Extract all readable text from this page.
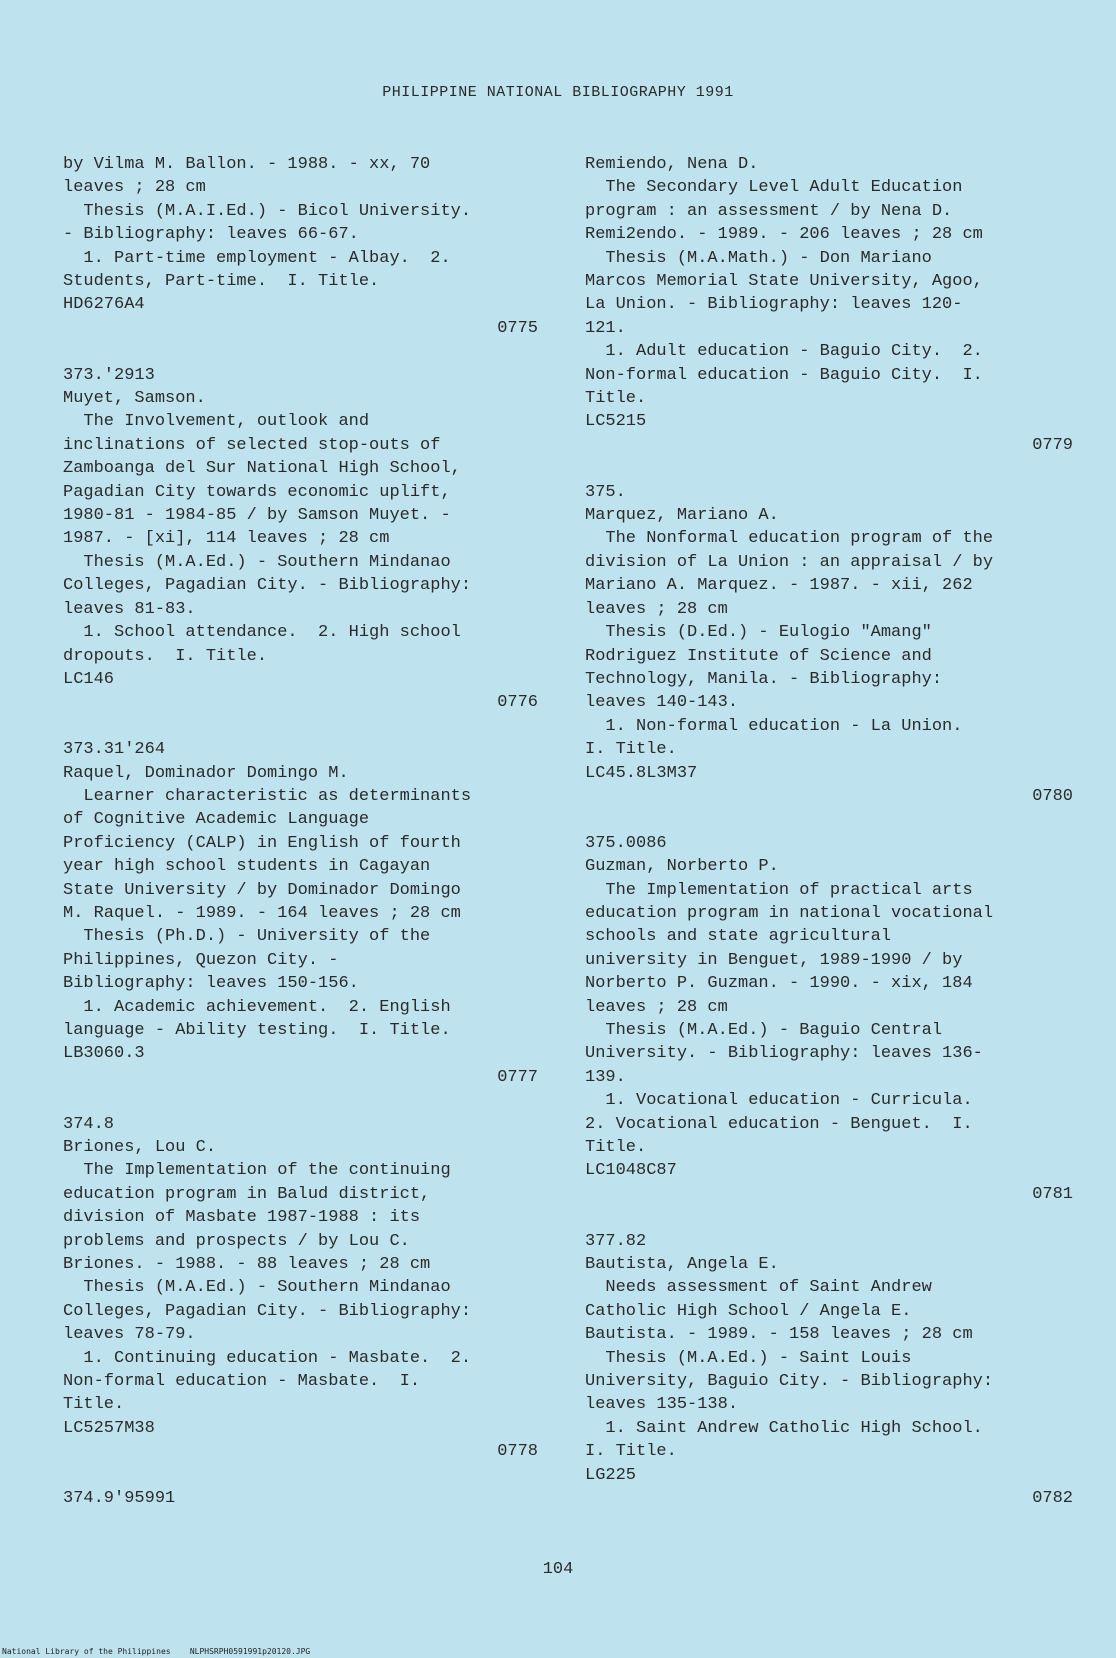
PHILIPPINE NATIONAL BIBLIOGRAPHY 1991
by Vilma M. Ballon. - 1988. - xx, 70
leaves ; 28 cm
Thesis (M.A.I.Ed.) - Bicol University.
- Bibliography: leaves 66-67.
1. Part-time employment - Albay.  2.
Students, Part-time.  I. Title.
HD6276A4
0775
373.'2913
Muyet, Samson.
The Involvement, outlook and
inclinations of selected stop-outs of
Zamboanga del Sur National High School,
Pagadian City towards economic uplift,
1980-81 - 1984-85 / by Samson Muyet. -
1987. - [xi], 114 leaves ; 28 cm
Thesis (M.A.Ed.) - Southern Mindanao
Colleges, Pagadian City. - Bibliography:
leaves 81-83.
1. School attendance.  2. High school
dropouts.  I. Title.
LC146
0776
373.31'264
Raquel, Dominador Domingo M.
Learner characteristic as determinants
of Cognitive Academic Language
Proficiency (CALP) in English of fourth
year high school students in Cagayan
State University / by Dominador Domingo
M. Raquel. - 1989. - 164 leaves ; 28 cm
Thesis (Ph.D.) - University of the
Philippines, Quezon City. -
Bibliography: leaves 150-156.
1. Academic achievement.  2. English
language - Ability testing.  I. Title.
LB3060.3
0777
374.8
Briones, Lou C.
The Implementation of the continuing
education program in Balud district,
division of Masbate 1987-1988 : its
problems and prospects / by Lou C.
Briones. - 1988. - 88 leaves ; 28 cm
Thesis (M.A.Ed.) - Southern Mindanao
Colleges, Pagadian City. - Bibliography:
leaves 78-79.
1. Continuing education - Masbate.  2.
Non-formal education - Masbate.  I.
Title.
LC5257M38
0778
374.9'95991
Remiendo, Nena D.
The Secondary Level Adult Education
program : an assessment / by Nena D.
Remi2endo. - 1989. - 206 leaves ; 28 cm
Thesis (M.A.Math.) - Don Mariano
Marcos Memorial State University, Agoo,
La Union. - Bibliography: leaves 120-
121.
1. Adult education - Baguio City.  2.
Non-formal education - Baguio City.  I.
Title.
LC5215
0779
375.
Marquez, Mariano A.
The Nonformal education program of the
division of La Union : an appraisal / by
Mariano A. Marquez. - 1987. - xii, 262
leaves ; 28 cm
Thesis (D.Ed.) - Eulogio "Amang"
Rodriguez Institute of Science and
Technology, Manila. - Bibliography:
leaves 140-143.
1. Non-formal education - La Union.
I. Title.
LC45.8L3M37
0780
375.0086
Guzman, Norberto P.
The Implementation of practical arts
education program in national vocational
schools and state agricultural
university in Benguet, 1989-1990 / by
Norberto P. Guzman. - 1990. - xix, 184
leaves ; 28 cm
Thesis (M.A.Ed.) - Baguio Central
University. - Bibliography: leaves 136-
139.
1. Vocational education - Curricula.
2. Vocational education - Benguet.  I.
Title.
LC1048C87
0781
377.82
Bautista, Angela E.
Needs assessment of Saint Andrew
Catholic High School / Angela E.
Bautista. - 1989. - 158 leaves ; 28 cm
Thesis (M.A.Ed.) - Saint Louis
University, Baguio City. - Bibliography:
leaves 135-138.
1. Saint Andrew Catholic High School.
I. Title.
LG225
0782
104
National Library of the Philippines    NLPHSRPH0591991p20120.JPG
